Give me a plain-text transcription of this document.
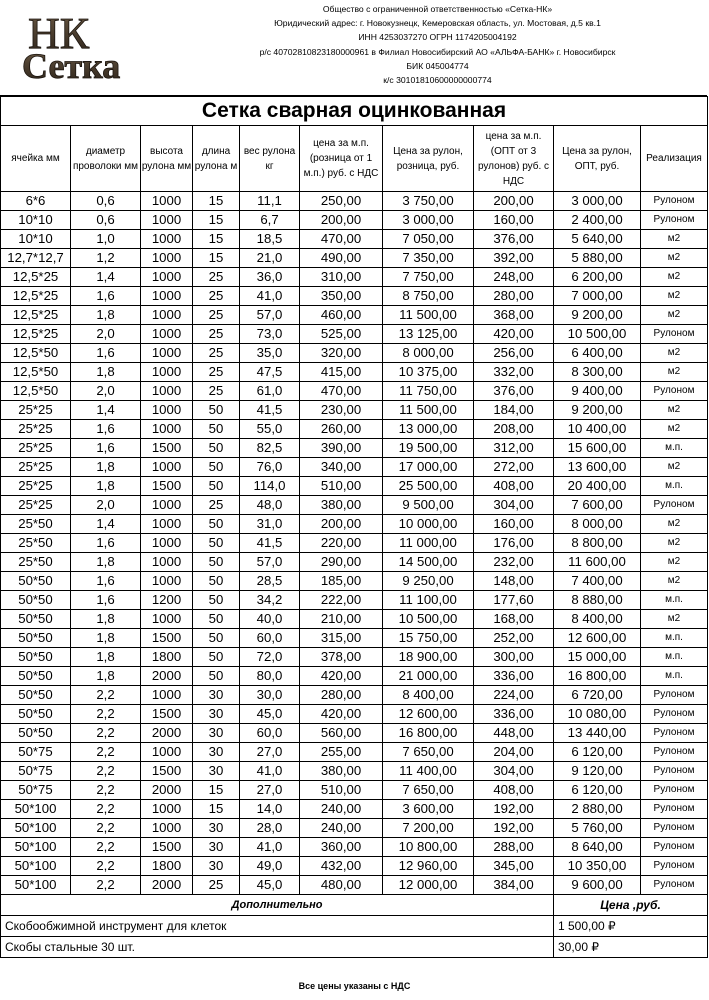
НК
Сетка
Общество с ограниченной ответственностью «Сетка-НК»
Юридический адрес: г. Новокузнецк, Кемеровская область, ул. Мостовая, д.5 кв.1
ИНН 4253037270 ОГРН 1174205004192
р/с 40702810823180000961 в Филиал Новосибирский АО «АЛЬФА-БАНК» г. Новосибирск
БИК 045004774
к/с 30101810600000000774
Сетка сварная оцинкованная									
ячейка мм	диаметр проволоки мм	высота рулона мм	длина рулона м	вес рулона кг	цена за м.п. (розница от 1 м.п.) руб. с НДС	Цена за рулон, розница, руб.	цена за м.п. (ОПТ от 3 рулонов) руб. с НДС	Цена за рулон, ОПТ, руб.	Реализация
6*6	0,6	1000	15	11,1	250,00	3 750,00	200,00	3 000,00	Рулоном
10*10	0,6	1000	15	6,7	200,00	3 000,00	160,00	2 400,00	Рулоном
10*10	1,0	1000	15	18,5	470,00	7 050,00	376,00	5 640,00	м2
12,7*12,7	1,2	1000	15	21,0	490,00	7 350,00	392,00	5 880,00	м2
12,5*25	1,4	1000	25	36,0	310,00	7 750,00	248,00	6 200,00	м2
12,5*25	1,6	1000	25	41,0	350,00	8 750,00	280,00	7 000,00	м2
12,5*25	1,8	1000	25	57,0	460,00	11 500,00	368,00	9 200,00	м2
12,5*25	2,0	1000	25	73,0	525,00	13 125,00	420,00	10 500,00	Рулоном
12,5*50	1,6	1000	25	35,0	320,00	8 000,00	256,00	6 400,00	м2
12,5*50	1,8	1000	25	47,5	415,00	10 375,00	332,00	8 300,00	м2
12,5*50	2,0	1000	25	61,0	470,00	11 750,00	376,00	9 400,00	Рулоном
25*25	1,4	1000	50	41,5	230,00	11 500,00	184,00	9 200,00	м2
25*25	1,6	1000	50	55,0	260,00	13 000,00	208,00	10 400,00	м2
25*25	1,6	1500	50	82,5	390,00	19 500,00	312,00	15 600,00	м.п.
25*25	1,8	1000	50	76,0	340,00	17 000,00	272,00	13 600,00	м2
25*25	1,8	1500	50	114,0	510,00	25 500,00	408,00	20 400,00	м.п.
25*25	2,0	1000	25	48,0	380,00	9 500,00	304,00	7 600,00	Рулоном
25*50	1,4	1000	50	31,0	200,00	10 000,00	160,00	8 000,00	м2
25*50	1,6	1000	50	41,5	220,00	11 000,00	176,00	8 800,00	м2
25*50	1,8	1000	50	57,0	290,00	14 500,00	232,00	11 600,00	м2
50*50	1,6	1000	50	28,5	185,00	9 250,00	148,00	7 400,00	м2
50*50	1,6	1200	50	34,2	222,00	11 100,00	177,60	8 880,00	м.п.
50*50	1,8	1000	50	40,0	210,00	10 500,00	168,00	8 400,00	м2
50*50	1,8	1500	50	60,0	315,00	15 750,00	252,00	12 600,00	м.п.
50*50	1,8	1800	50	72,0	378,00	18 900,00	300,00	15 000,00	м.п.
50*50	1,8	2000	50	80,0	420,00	21 000,00	336,00	16 800,00	м.п.
50*50	2,2	1000	30	30,0	280,00	8 400,00	224,00	6 720,00	Рулоном
50*50	2,2	1500	30	45,0	420,00	12 600,00	336,00	10 080,00	Рулоном
50*50	2,2	2000	30	60,0	560,00	16 800,00	448,00	13 440,00	Рулоном
50*75	2,2	1000	30	27,0	255,00	7 650,00	204,00	6 120,00	Рулоном
50*75	2,2	1500	30	41,0	380,00	11 400,00	304,00	9 120,00	Рулоном
50*75	2,2	2000	15	27,0	510,00	7 650,00	408,00	6 120,00	Рулоном
50*100	2,2	1000	15	14,0	240,00	3 600,00	192,00	2 880,00	Рулоном
50*100	2,2	1000	30	28,0	240,00	7 200,00	192,00	5 760,00	Рулоном
50*100	2,2	1500	30	41,0	360,00	10 800,00	288,00	8 640,00	Рулоном
50*100	2,2	1800	30	49,0	432,00	12 960,00	345,00	10 350,00	Рулоном
50*100	2,2	2000	25	45,0	480,00	12 000,00	384,00	9 600,00	Рулоном
Дополнительно								Цена ,руб.	
Скобообжимной инструмент для клеток								1 500,00 ₽	
Скобы стальные 30 шт.								30,00 ₽	
Все цены указаны с НДС
